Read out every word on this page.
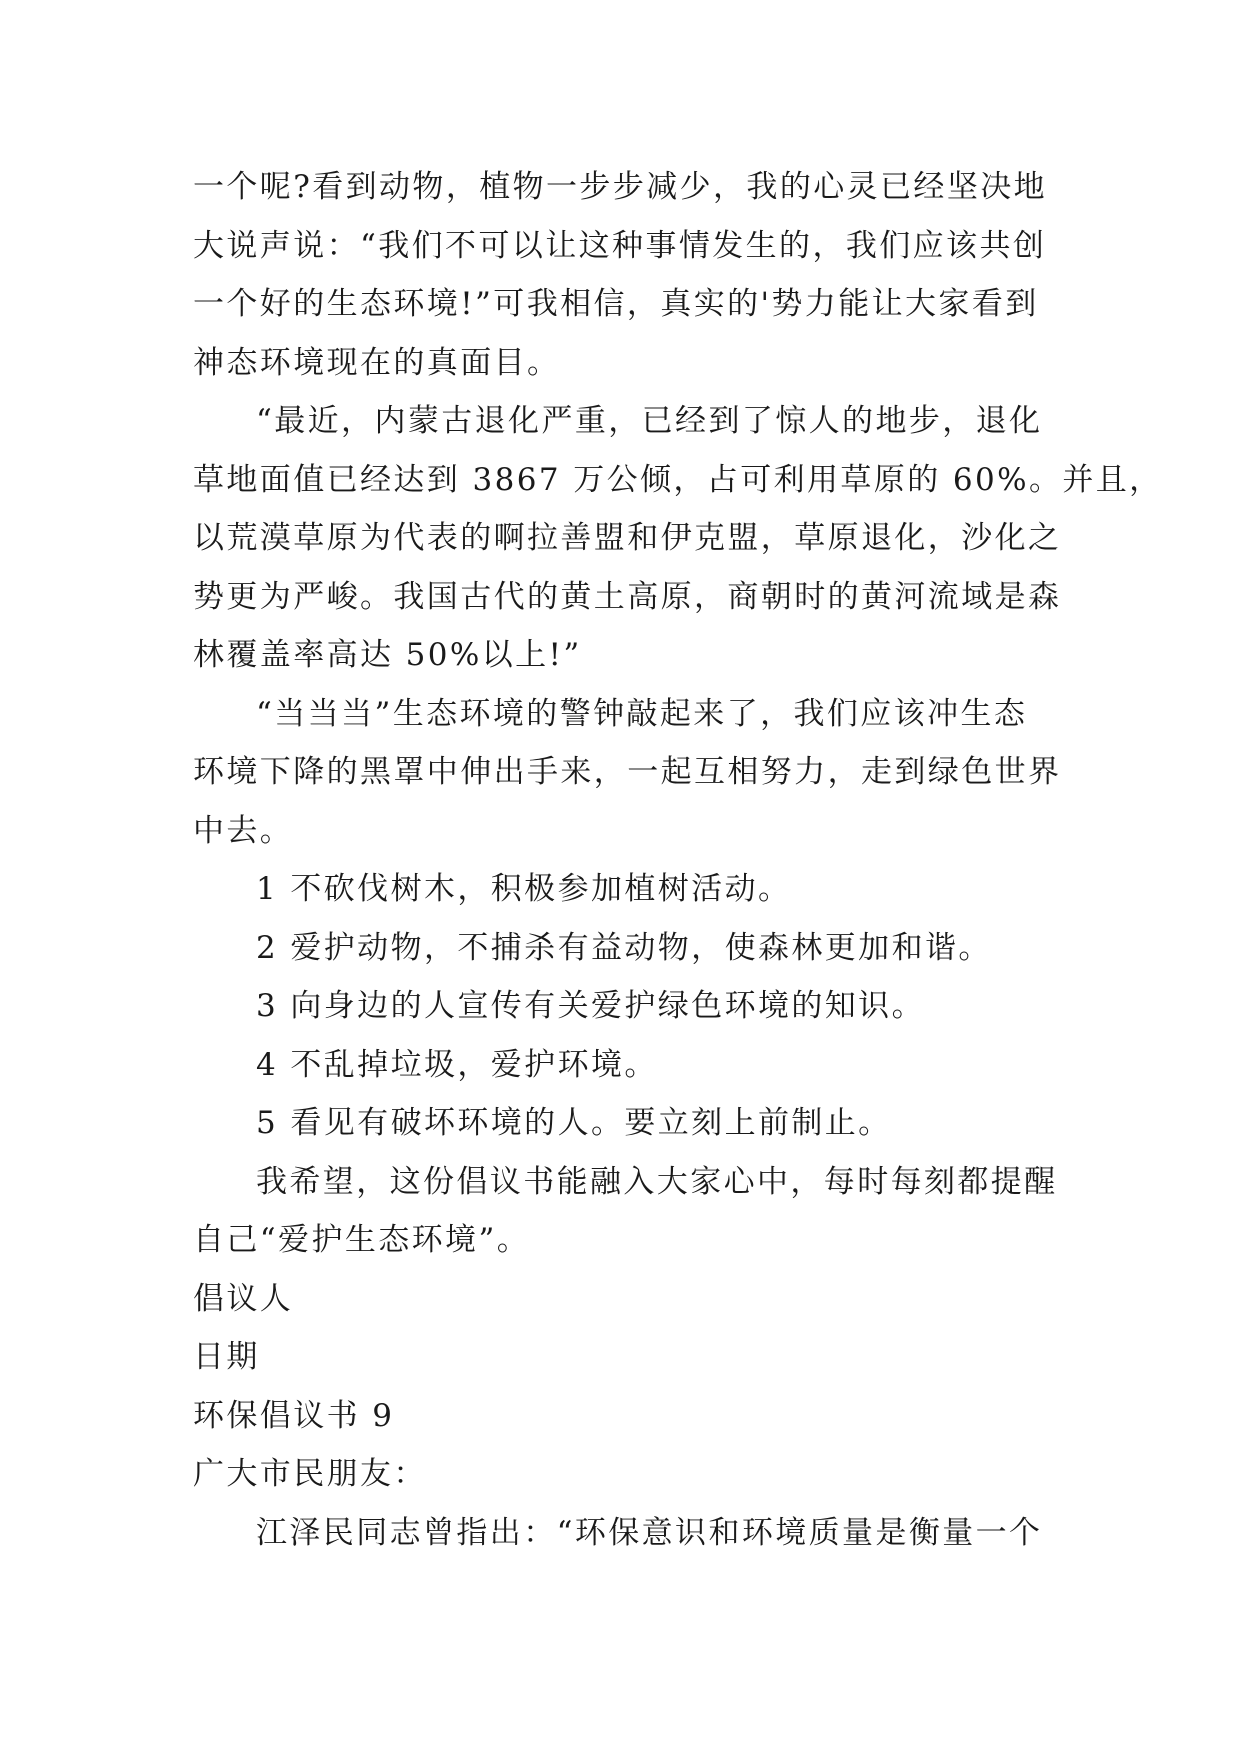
一个呢?看到动物，植物一步步减少，我的心灵已经坚决地
大说声说：“我们不可以让这种事情发生的，我们应该共创
一个好的生态环境!”可我相信，真实的'势力能让大家看到
神态环境现在的真面目。
“最近，内蒙古退化严重，已经到了惊人的地步，退化
草地面值已经达到 3867 万公倾，占可利用草原的 60%。并且，
以荒漠草原为代表的啊拉善盟和伊克盟，草原退化，沙化之
势更为严峻。我国古代的黄土高原，商朝时的黄河流域是森
林覆盖率高达 50%以上!”
“当当当”生态环境的警钟敲起来了，我们应该冲生态
环境下降的黑罩中伸出手来，一起互相努力，走到绿色世界
中去。
1 不砍伐树木，积极参加植树活动。
2 爱护动物，不捕杀有益动物，使森林更加和谐。
3 向身边的人宣传有关爱护绿色环境的知识。
4 不乱掉垃圾，爱护环境。
5 看见有破坏环境的人。要立刻上前制止。
我希望，这份倡议书能融入大家心中，每时每刻都提醒
自己“爱护生态环境”。
倡议人
日期
环保倡议书 9
广大市民朋友：
江泽民同志曾指出：“环保意识和环境质量是衡量一个
